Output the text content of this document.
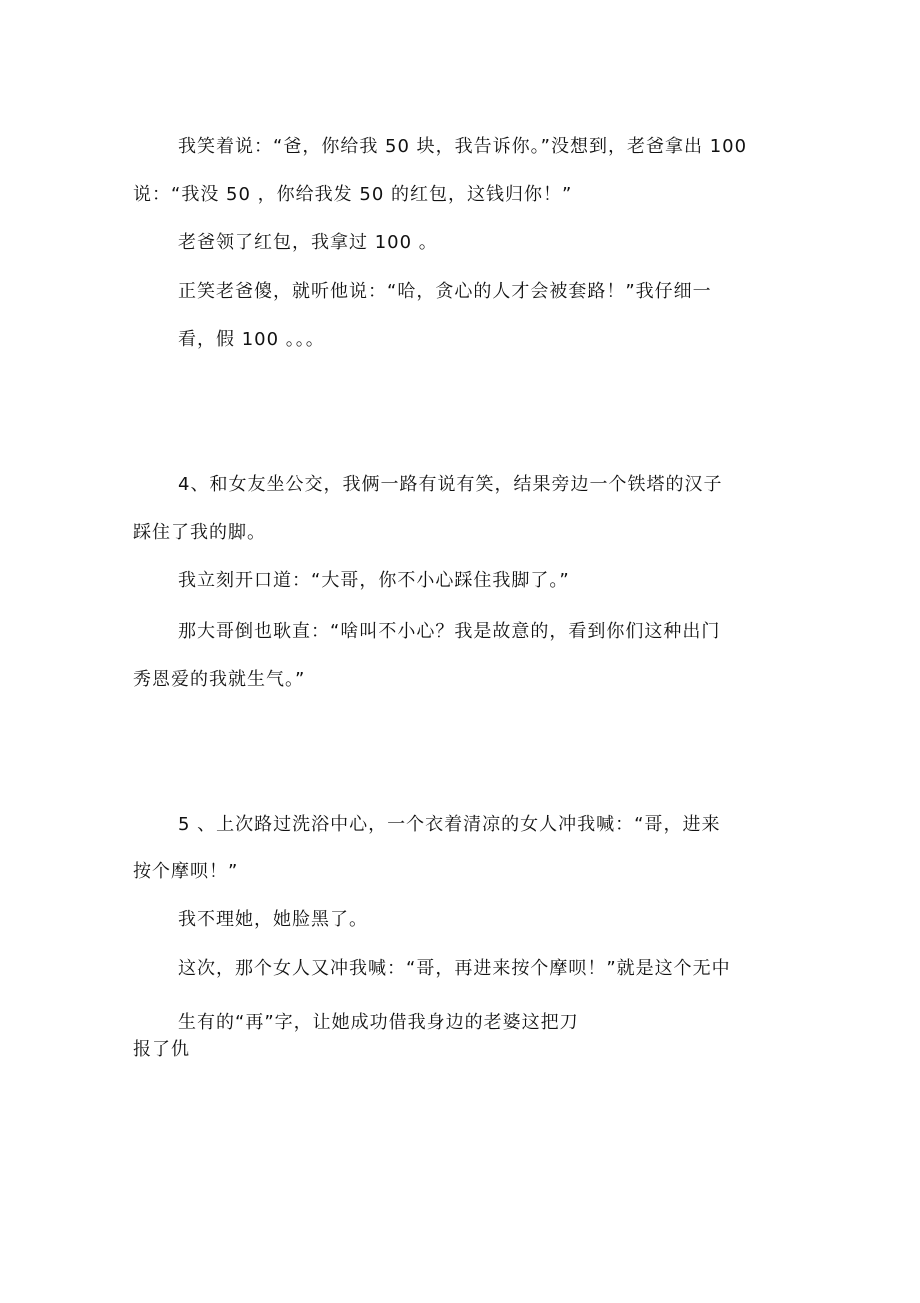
我笑着说：“爸，你给我 50 块，我告诉你。”没想到，老爸拿出 100
说：“我没 50 ，你给我发 50 的红包，这钱归你！”
老爸领了红包，我拿过 100 。
正笑老爸傻，就听他说：“哈，贪心的人才会被套路！”我仔细一
看，假 100 。。。
4、和女友坐公交，我俩一路有说有笑，结果旁边一个铁塔的汉子
踩住了我的脚。
我立刻开口道：“大哥，你不小心踩住我脚了。”
那大哥倒也耿直：“啥叫不小心？我是故意的，看到你们这种出门
秀恩爱的我就生气。”
5 、上次路过洗浴中心，一个衣着清凉的女人冲我喊：“哥，进来
按个摩呗！”
我不理她，她脸黑了。
这次，那个女人又冲我喊：“哥，再进来按个摩呗！”就是这个无中
生有的“再”字，让她成功借我身边的老婆这把刀
报了仇
